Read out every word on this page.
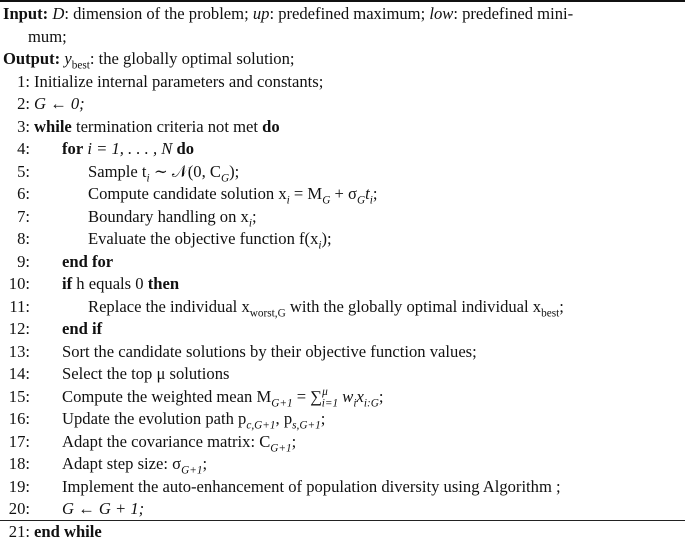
Input: D: dimension of the problem; up: predefined maximum; low: predefined mini-
mum;
Output: $y_{best}$: the globally optimal solution;
1: Initialize internal parameters and constants;
2: G ← 0;
3: while termination criteria not met do
4: for i = 1, . . . , N do
5:	Sample $t_i$ ∼ 𝒩(0, $C_G$);
6:	Compute candidate solution $x_i = M_G + \sigma_Gt_i$;
7:	Boundary handling on $x_i$;
8:	Evaluate the objective function $f(x_i)$;
9: end for
10: if h equals 0 then
11:	Replace the individual $x_{worst,G}$ with the globally optimal individual $x_{best}$;
12: end if
13: Sort the candidate solutions by their objective function values;
14: Select the top μ solutions
15: Compute the weighted mean $M_{G+1} = \sum^\mu_{i=1}$ $w_ix_{i:G}$;
16: Update the evolution path $p_{c,G+1}$, $p_{s,G+1}$;
17: Adapt the covariance matrix: $C_{G+1}$;
18: Adapt step size: $\sigma_{G+1}$;
19: Implement the auto-enhancement of population diversity using Algorithm ;
20: G ← G + 1;
21: end while
